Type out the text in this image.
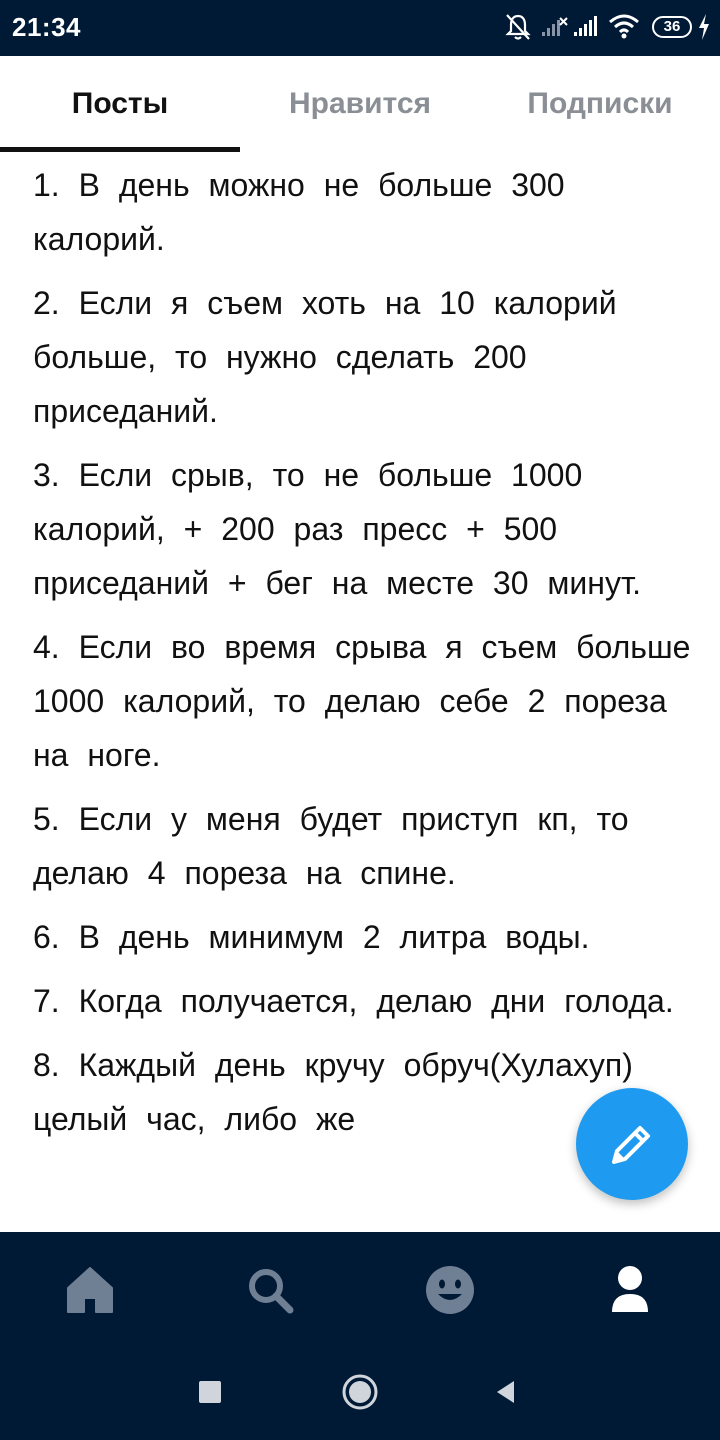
21:34	36
Посты	Нравится	Подписки

1. В день можно не больше 300 калорий.

2. Если я съем хоть на 10 калорий больше, то нужно сделать 200 приседаний.

3. Если срыв, то не больше 1000 калорий, + 200 раз пресс + 500 приседаний + бег на месте 30 минут.

4. Если во время срыва я съем больше 1000 калорий, то делаю себе 2 пореза на ноге.

5. Если у меня будет приступ кп, то делаю 4 пореза на спине.

6. В день минимум 2 литра воды.

7. Когда получается, делаю дни голода.

8. Каждый день кручу обруч(Хулахуп) целый час, либо же
